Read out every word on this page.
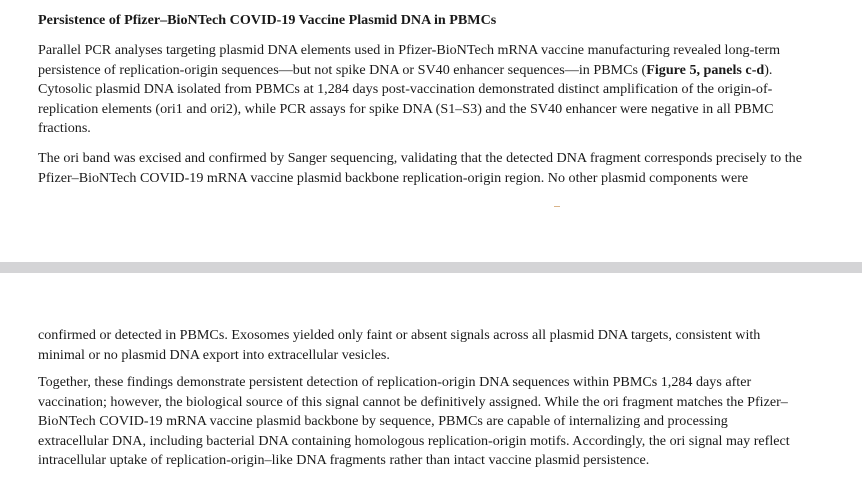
Persistence of Pfizer–BioNTech COVID-19 Vaccine Plasmid DNA in PBMCs

Parallel PCR analyses targeting plasmid DNA elements used in Pfizer-BioNTech mRNA vaccine manufacturing revealed long-term
persistence of replication-origin sequences—but not spike DNA or SV40 enhancer sequences—in PBMCs (Figure 5, panels c-d).
Cytosolic plasmid DNA isolated from PBMCs at 1,284 days post-vaccination demonstrated distinct amplification of the origin-of-
replication elements (ori1 and ori2), while PCR assays for spike DNA (S1–S3) and the SV40 enhancer were negative in all PBMC
fractions.

The ori band was excised and confirmed by Sanger sequencing, validating that the detected DNA fragment corresponds precisely to the
Pfizer–BioNTech COVID-19 mRNA vaccine plasmid backbone replication-origin region. No other plasmid components were

confirmed or detected in PBMCs. Exosomes yielded only faint or absent signals across all plasmid DNA targets, consistent with
minimal or no plasmid DNA export into extracellular vesicles.

Together, these findings demonstrate persistent detection of replication-origin DNA sequences within PBMCs 1,284 days after
vaccination; however, the biological source of this signal cannot be definitively assigned. While the ori fragment matches the Pfizer–
BioNTech COVID-19 mRNA vaccine plasmid backbone by sequence, PBMCs are capable of internalizing and processing
extracellular DNA, including bacterial DNA containing homologous replication-origin motifs. Accordingly, the ori signal may reflect
intracellular uptake of replication-origin–like DNA fragments rather than intact vaccine plasmid persistence.
